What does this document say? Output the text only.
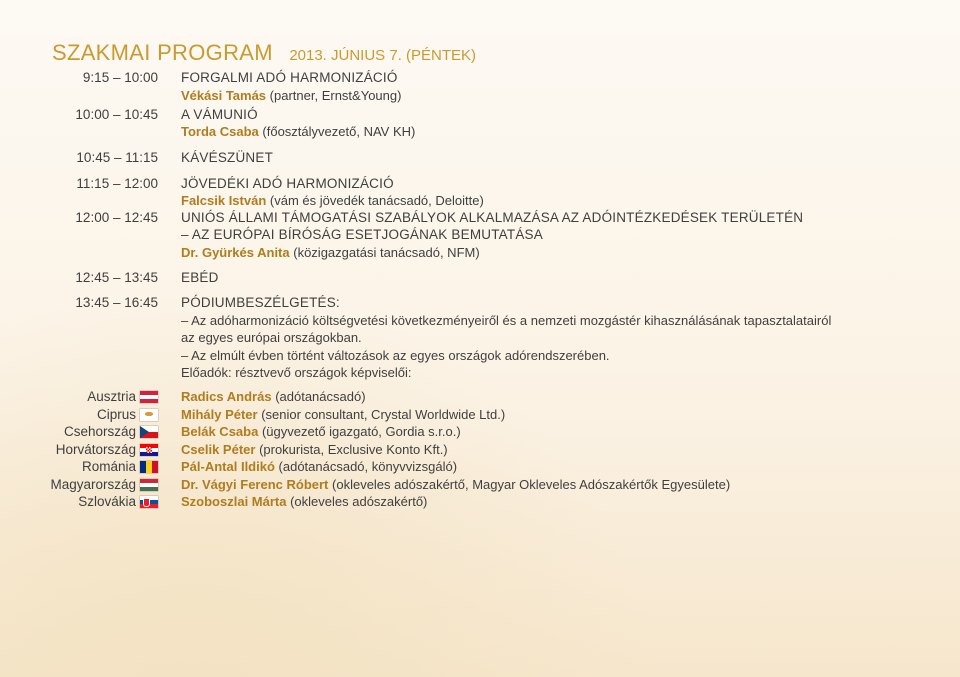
SZAKMAI PROGRAM 2013. JÚNIUS 7. (PÉNTEK)
9:15 – 10:00 FORGALMI ADÓ HARMONIZÁCIÓ
Vékási Tamás (partner, Ernst&Young)
10:00 – 10:45 A VÁMUNIÓ
Torda Csaba (főosztályvezető, NAV KH)
10:45 – 11:15 KÁVÉSZÜNET
11:15 – 12:00 JÖVEDÉKI ADÓ HARMONIZÁCIÓ
Falcsik István (vám és jövedék tanácsadó, Deloitte)
12:00 – 12:45 UNIÓS ÁLLAMI TÁMOGATÁSI SZABÁLYOK ALKALMAZÁSA AZ ADÓINTÉZKEDÉSEK TERÜLETÉN
– AZ EURÓPAI BÍRÓSÁG ESETJOGÁNAK BEMUTATÁSA
Dr. Gyürkés Anita (közigazgatási tanácsadó, NFM)
12:45 – 13:45 EBÉD
13:45 – 16:45 PÓDIUMBESZÉLGETÉS:
– Az adóharmonizáció költségvetési következményeiről és a nemzeti mozgástér kihasználásának tapasztalatairól
az egyes európai országokban.
– Az elmúlt évben történt változások az egyes országok adórendszerében.
Előadók: résztvevő országok képviselői:
Ausztria	Radics András (adótanácsadó)
Ciprus	Mihály Péter (senior consultant, Crystal Worldwide Ltd.)
Csehország	Belák Csaba (ügyvezető igazgató, Gordia s.r.o.)
Horvátország	Cselik Péter (prokurista, Exclusive Konto Kft.)
Románia	Pál-Antal Ildikó (adótanácsadó, könyvvizsgáló)
Magyarország	Dr. Vágyi Ferenc Róbert (okleveles adószakértő, Magyar Okleveles Adószakértők Egyesülete)
Szlovákia	Szoboszlai Márta (okleveles adószakértő)
